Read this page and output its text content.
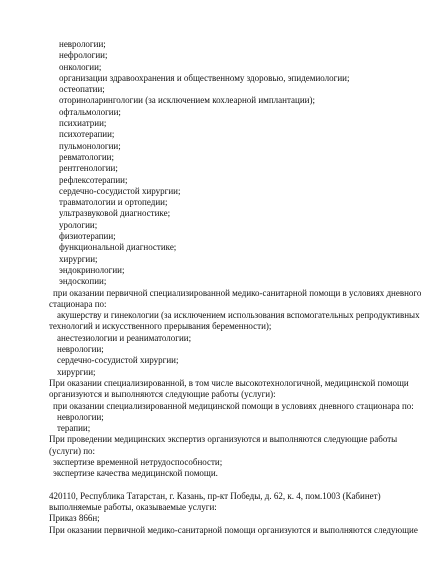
неврологии;
нефрологии;
онкологии;
организации здравоохранения и общественному здоровью, эпидемиологии;
остеопатии;
оториноларингологии (за исключением кохлеарной имплантации);
офтальмологии;
психиатрии;
психотерапии;
пульмонологии;
ревматологии;
рентгенологии;
рефлексотерапии;
сердечно-сосудистой хирургии;
травматологии и ортопедии;
ультразвуковой диагностике;
урологии;
физиотерапии;
функциональной диагностике;
хирургии;
эндокринологии;
эндоскопии;
при оказании первичной специализированной медико-санитарной помощи в условиях дневного
стационара по:
акушерству и гинекологии (за исключением использования вспомогательных репродуктивных
технологий и искусственного прерывания беременности);
анестезиологии и реаниматологии;
неврологии;
сердечно-сосудистой хирургии;
хирургии;
При оказании специализированной, в том числе высокотехнологичной, медицинской помощи
организуются и выполняются следующие работы (услуги):
при оказании специализированной медицинской помощи в условиях дневного стационара по:
неврологии;
терапии;
При проведении медицинских экспертиз организуются и выполняются следующие работы
(услуги) по:
экспертизе временной нетрудоспособности;
экспертизе качества медицинской помощи.
420110, Республика Татарстан, г. Казань, пр-кт Победы, д. 62, к. 4, пом.1003 (Кабинет)
выполняемые работы, оказываемые услуги:
Приказ 866н;
При оказании первичной медико-санитарной помощи организуются и выполняются следующие
